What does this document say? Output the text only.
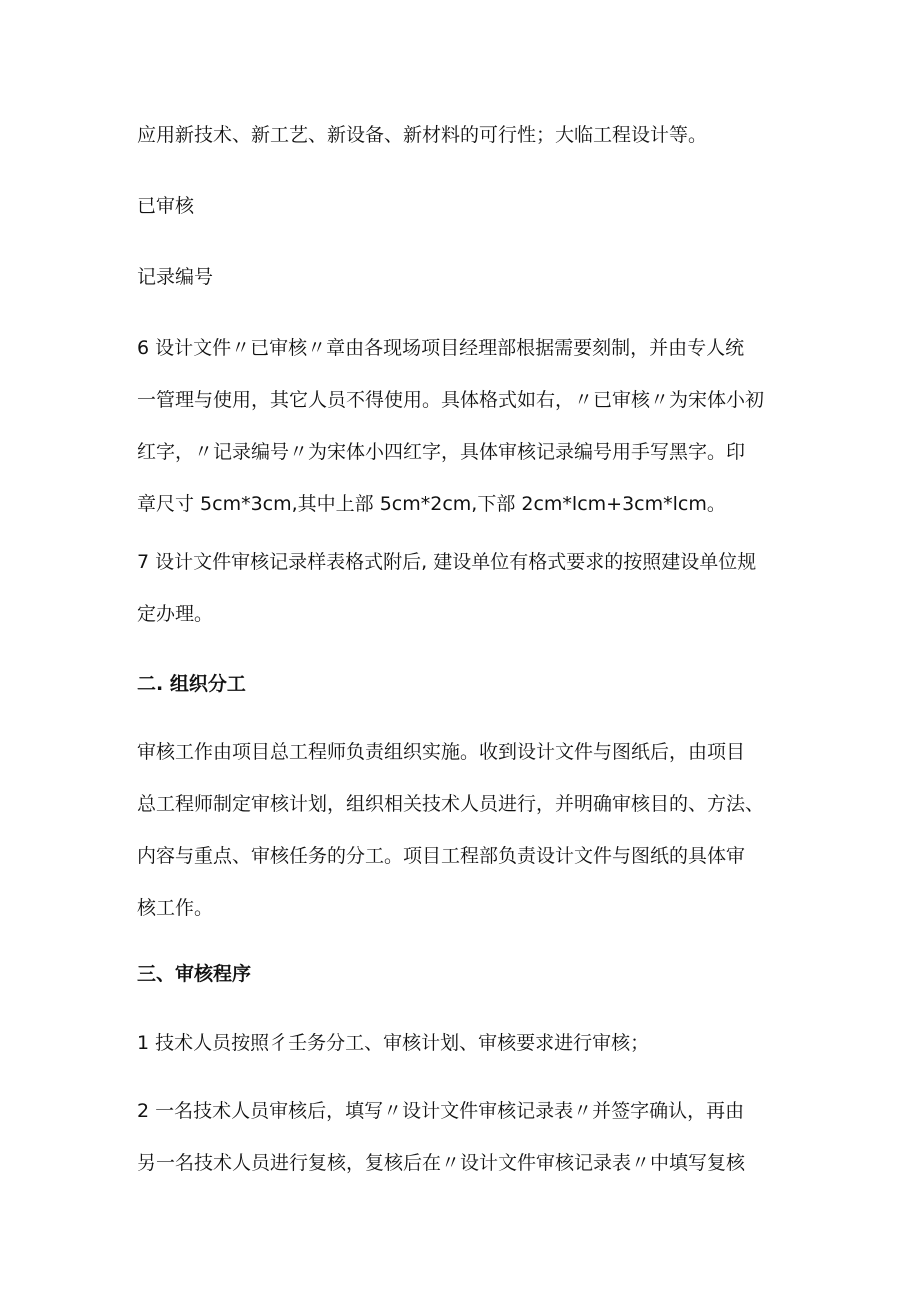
应用新技术、新工艺、新设备、新材料的可行性；大临工程设计等。

已审核

记录编号

6 设计文件〃已审核〃章由各现场项目经理部根据需要刻制，并由专人统
一管理与使用，其它人员不得使用。具体格式如右，〃已审核〃为宋体小初
红字，〃记录编号〃为宋体小四红字，具体审核记录编号用手写黑字。印
章尺寸 5cm*3cm,其中上部 5cm*2cm,下部 2cm*lcm+3cm*lcm。

7 设计文件审核记录样表格式附后, 建设单位有格式要求的按照建设单位规
定办理。

二. 组织分工

审核工作由项目总工程师负责组织实施。收到设计文件与图纸后，由项目
总工程师制定审核计划，组织相关技术人员进行，并明确审核目的、方法、
内容与重点、审核任务的分工。项目工程部负责设计文件与图纸的具体审
核工作。

三、审核程序

1 技术人员按照彳壬务分工、审核计划、审核要求进行审核；

2 一名技术人员审核后，填写〃设计文件审核记录表〃并签字确认，再由
另一名技术人员进行复核，复核后在〃设计文件审核记录表〃中填写复核
